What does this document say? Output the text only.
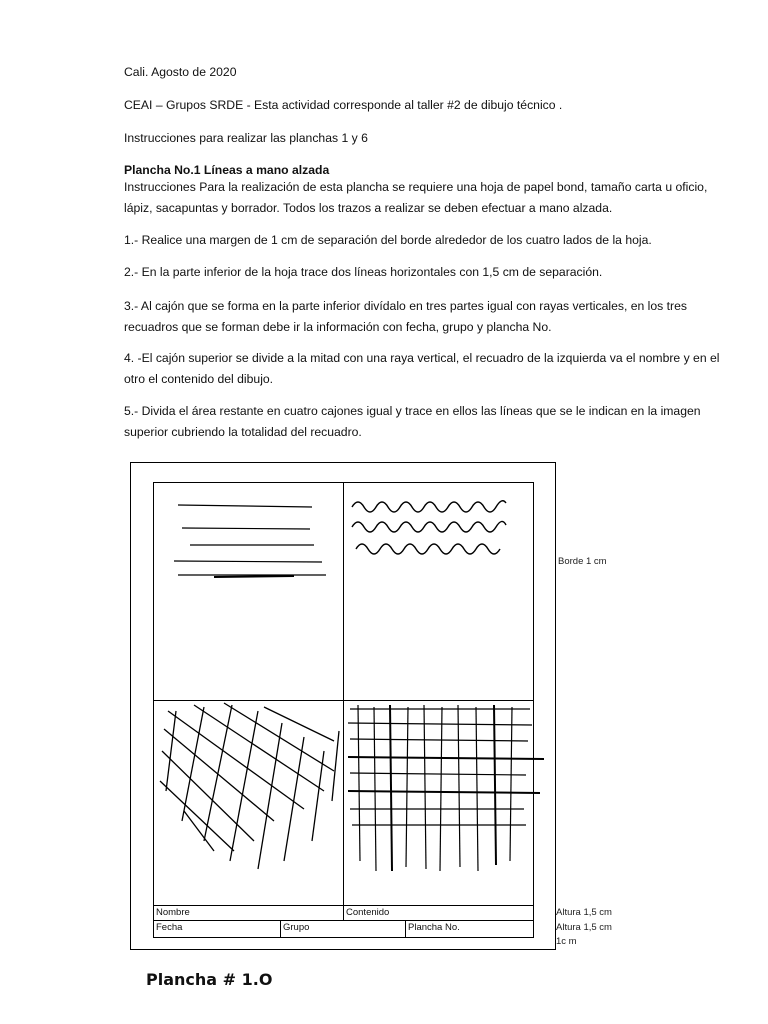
Cali. Agosto de 2020

CEAI – Grupos SRDE - Esta actividad corresponde al taller #2 de dibujo técnico .

Instrucciones para realizar las planchas 1 y 6

Plancha No.1 Líneas a mano alzada

Instrucciones Para la realización de esta plancha se requiere una hoja de papel bond, tamaño carta u oficio, lápiz, sacapuntas y borrador. Todos los trazos a realizar se deben efectuar a mano alzada.

1.- Realice una margen de 1 cm de separación del borde alrededor de los cuatro lados de la hoja.

2.- En la parte inferior de la hoja trace dos líneas horizontales con 1,5 cm de separación.

3.- Al cajón que se forma en la parte inferior divídalo en tres partes igual con rayas verticales, en los tres recuadros que se forman debe ir la información con fecha, grupo y plancha No.

4. -El cajón superior se divide a la mitad con una raya vertical, el recuadro de la izquierda va el nombre y en el otro el contenido del dibujo.

5.- Divida el área restante en cuatro cajones igual y trace en ellos las líneas que se le indican en la imagen superior cubriendo la totalidad del recuadro.

Nombre	Contenido
Fecha	Grupo	Plancha No.
Borde 1 cm
Altura 1,5 cm
Altura 1,5 cm
1c m
Plancha # 1.O
